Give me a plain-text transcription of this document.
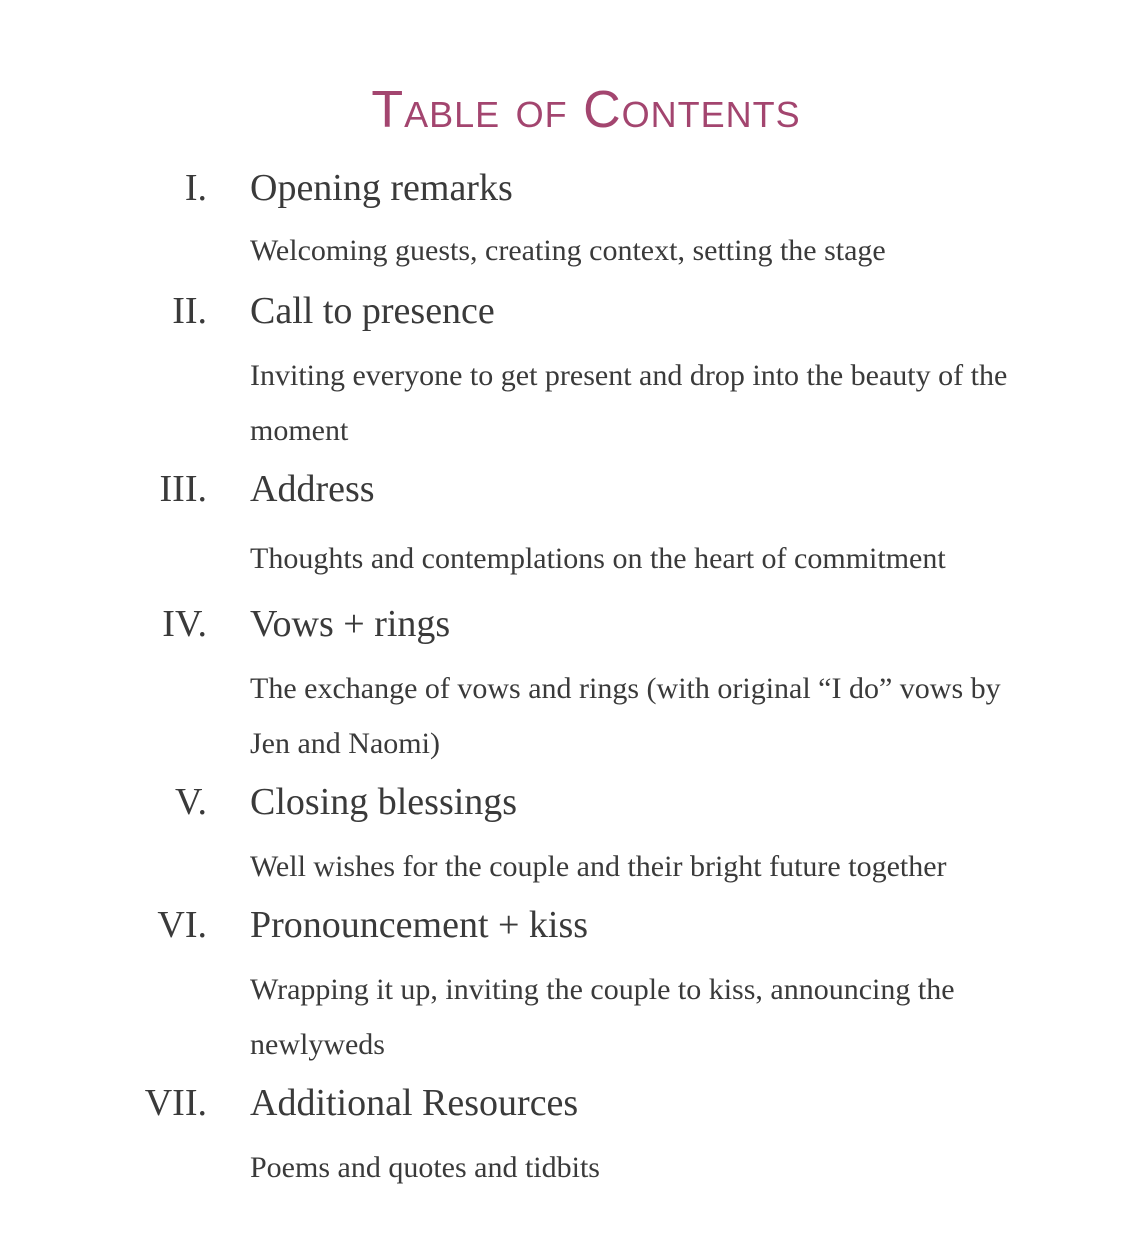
Table of Contents
I. Opening remarks
Welcoming guests, creating context, setting the stage
II. Call to presence
Inviting everyone to get present and drop into the beauty of the moment
III. Address
Thoughts and contemplations on the heart of commitment
IV. Vows + rings
The exchange of vows and rings (with original “I do” vows by Jen and Naomi)
V. Closing blessings
Well wishes for the couple and their bright future together
VI. Pronouncement + kiss
Wrapping it up, inviting the couple to kiss, announcing the newlyweds
VII. Additional Resources
Poems and quotes and tidbits
